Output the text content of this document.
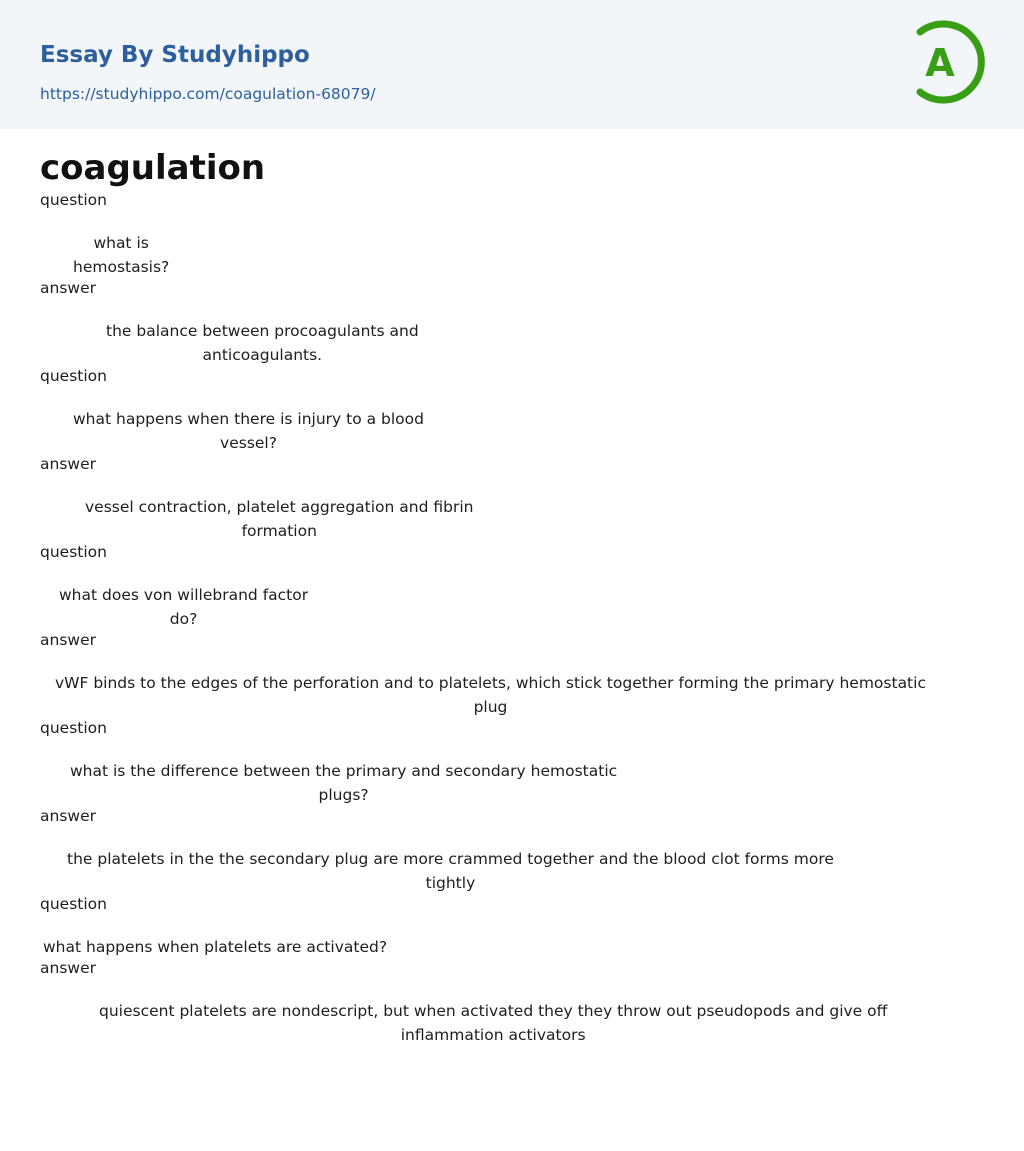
Essay By Studyhippo
https://studyhippo.com/coagulation-68079/
A
coagulation
question
what is
hemostasis?
answer
the balance between procoagulants and
anticoagulants.
question
what happens when there is injury to a blood
vessel?
answer
vessel contraction, platelet aggregation and fibrin
formation
question
what does von willebrand factor
do?
answer
vWF binds to the edges of the perforation and to platelets, which stick together forming the primary hemostatic
plug
question
what is the difference between the primary and secondary hemostatic
plugs?
answer
the platelets in the the secondary plug are more crammed together and the blood clot forms more
tightly
question
what happens when platelets are activated?
answer
quiescent platelets are nondescript, but when activated they they throw out pseudopods and give off
inflammation activators
